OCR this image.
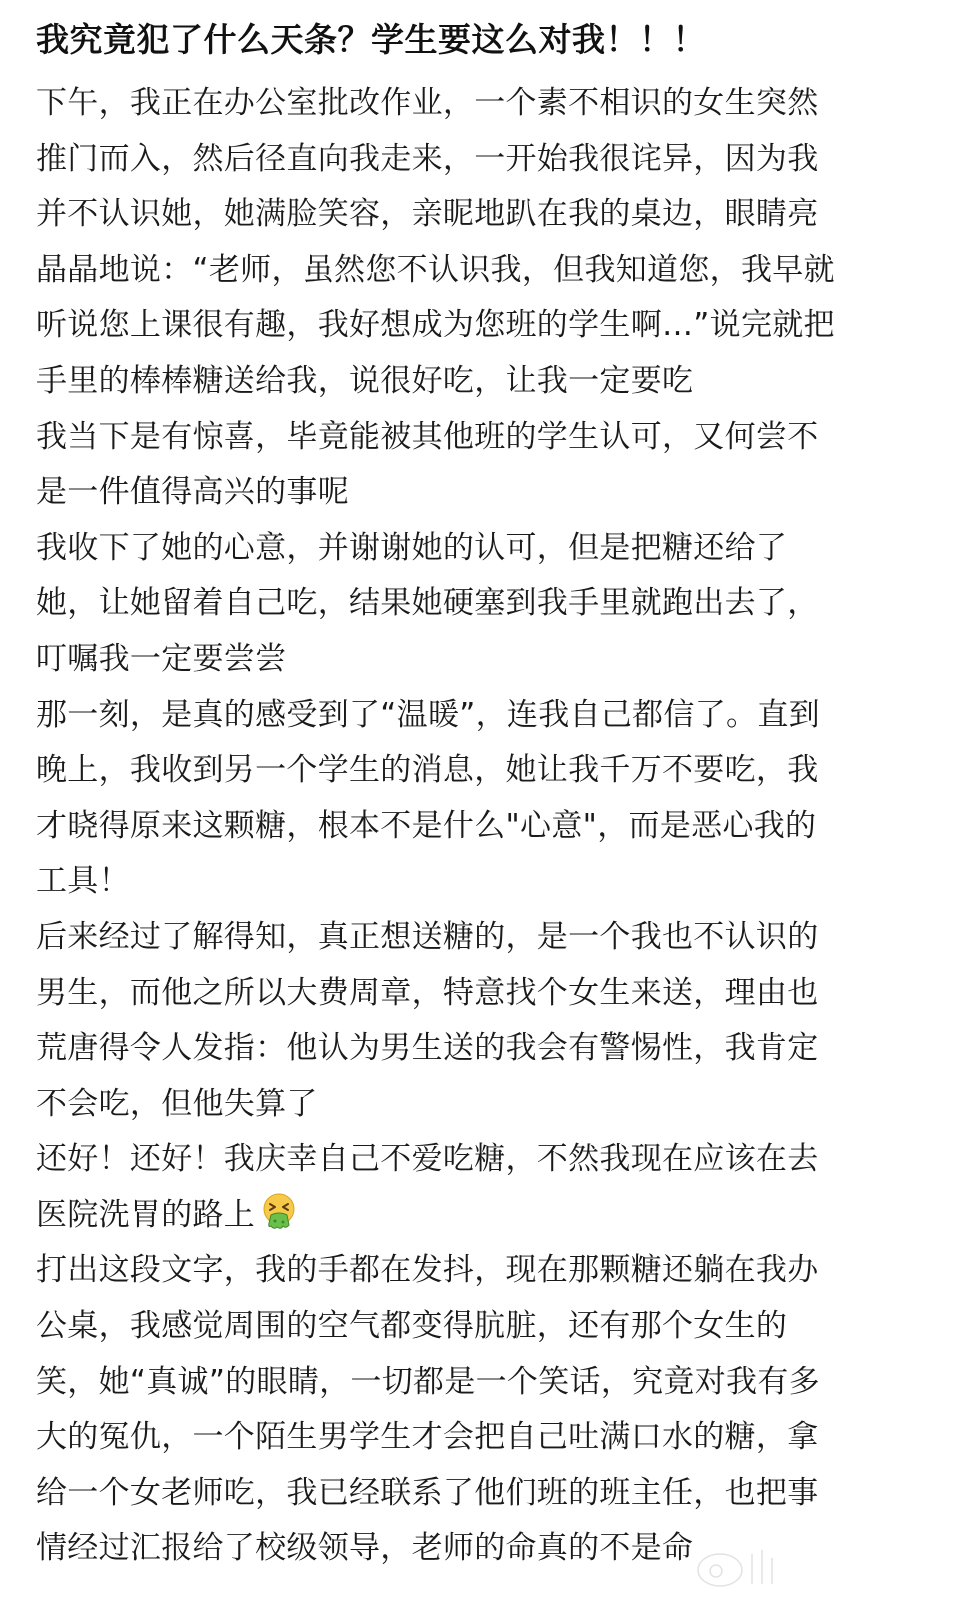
我究竟犯了什么天条？学生要这么对我！！！
下午，我正在办公室批改作业，一个素不相识的女生突然
推门而入，然后径直向我走来，一开始我很诧异，因为我
并不认识她，她满脸笑容，亲昵地趴在我的桌边，眼睛亮
晶晶地说：“老师，虽然您不认识我，但我知道您，我早就
听说您上课很有趣，我好想成为您班的学生啊…”说完就把
手里的棒棒糖送给我，说很好吃，让我一定要吃
我当下是有惊喜，毕竟能被其他班的学生认可，又何尝不
是一件值得高兴的事呢
我收下了她的心意，并谢谢她的认可，但是把糖还给了
她，让她留着自己吃，结果她硬塞到我手里就跑出去了，
叮嘱我一定要尝尝
那一刻，是真的感受到了“温暖”，连我自己都信了。直到
晚上，我收到另一个学生的消息，她让我千万不要吃，我
才晓得原来这颗糖，根本不是什么"心意"，而是恶心我的
工具！
后来经过了解得知，真正想送糖的，是一个我也不认识的
男生，而他之所以大费周章，特意找个女生来送，理由也
荒唐得令人发指：他认为男生送的我会有警惕性，我肯定
不会吃，但他失算了
还好！还好！我庆幸自己不爱吃糖，不然我现在应该在去
医院洗胃的路上
打出这段文字，我的手都在发抖，现在那颗糖还躺在我办
公桌，我感觉周围的空气都变得肮脏，还有那个女生的
笑，她“真诚”的眼睛，一切都是一个笑话，究竟对我有多
大的冤仇，一个陌生男学生才会把自己吐满口水的糖，拿
给一个女老师吃，我已经联系了他们班的班主任，也把事
情经过汇报给了校级领导，老师的命真的不是命
